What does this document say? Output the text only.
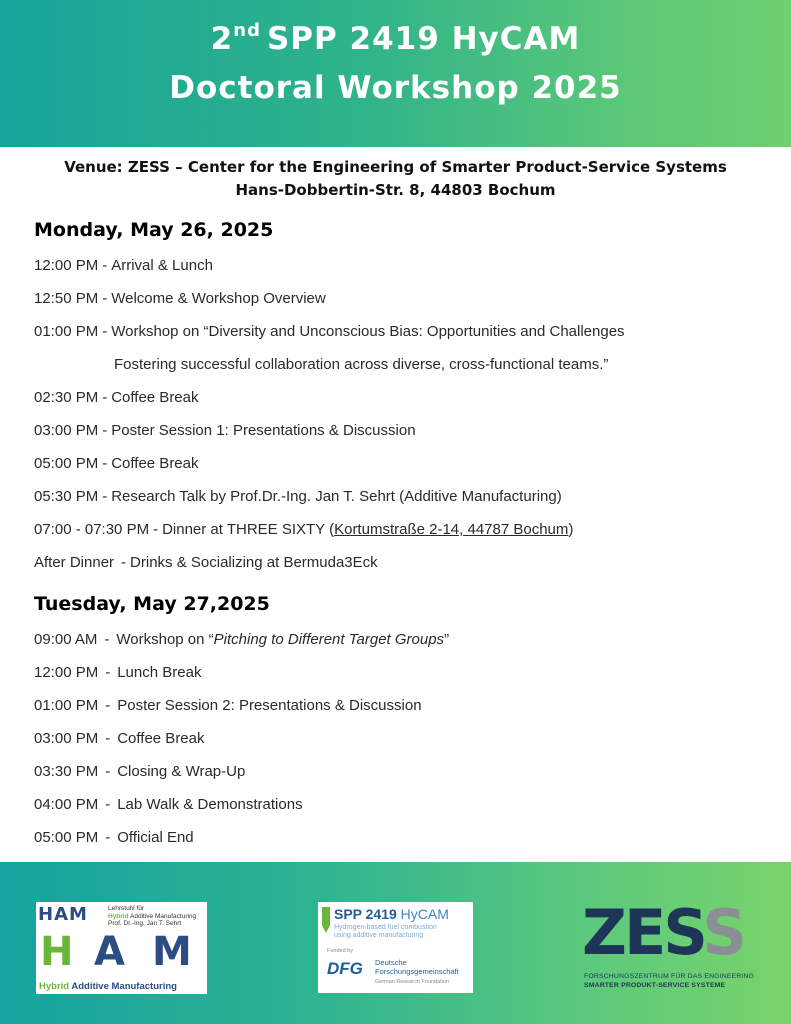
2nd SPP 2419 HyCAM
Doctoral Workshop 2025
Venue: ZESS – Center for the Engineering of Smarter Product-Service Systems
Hans-Dobbertin-Str. 8, 44803 Bochum
Monday, May 26, 2025
12:00 PM-Arrival & Lunch
12:50 PM - Welcome & Workshop Overview
01:00 PM - Workshop on “Diversity and Unconscious Bias: Opportunities and Challenges
Fostering successful collaboration across diverse, cross-functional teams.”
02:30 PM - Coffee Break
03:00 PM - Poster Session 1: Presentations & Discussion
05:00 PM - Coffee Break
05:30 PM - Research Talk by Prof.Dr.-Ing. Jan T. Sehrt (Additive Manufacturing)
07:00 - 07:30 PM - Dinner at THREE SIXTY (Kortumstraße 2-14, 44787 Bochum)
After Dinner - Drinks & Socializing at Bermuda3Eck
Tuesday, May 27,2025
09:00 AM - Workshop on “Pitching to Different Target Groups”
12:00 PM - Lunch Break
01:00 PM - Poster Session 2: Presentations & Discussion
03:00 PM - Coffee Break
03:30 PM - Closing & Wrap-Up
04:00 PM - Lab Walk & Demonstrations
05:00 PM - Official End
HAM	Lehrstuhl für
Hybrid Additive Manufacturing
Prof. Dr.-Ing. Jan T. Sehrt
H A M
Hybrid Additive Manufacturing
SPP 2419 HyCAM
Hydrogen-based fuel combustion
using additive manufacturing
Funded by
DFG Deutsche
Forschungsgemeinschaft
German Research Foundation
ZESS
FORSCHUNGSZENTRUM FÜR DAS ENGINEERING
SMARTER PRODUKT-SERVICE SYSTEME
